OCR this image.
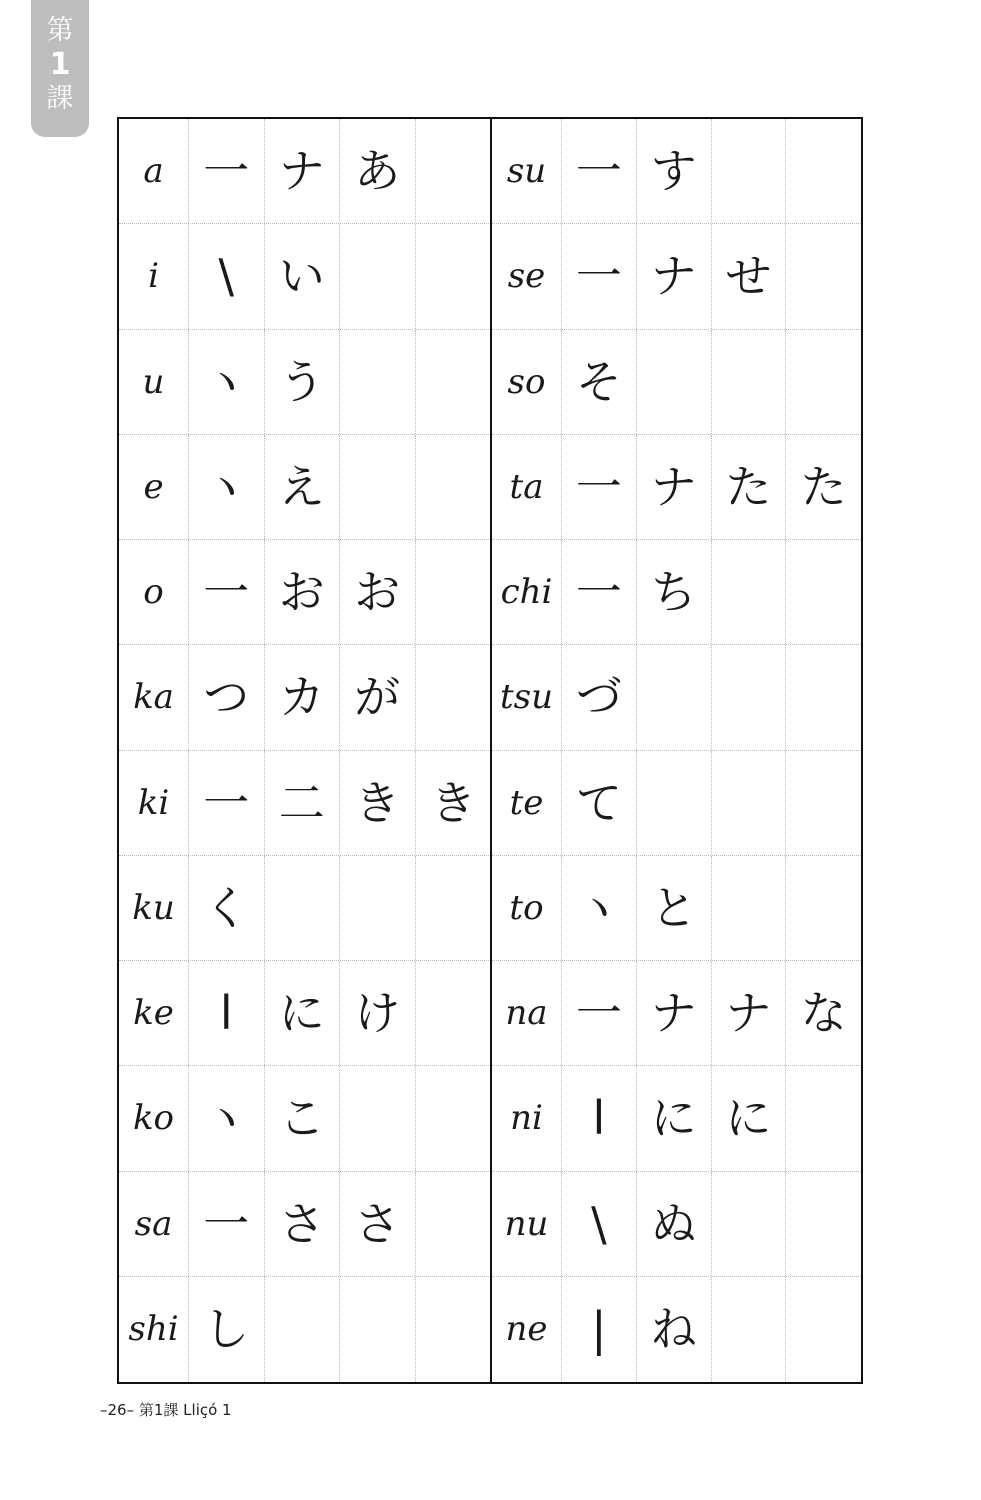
第
1
課
a 一 ナ あ
i \ い
u ヽ う
e ヽ え
o 一 お お
ka つ カ が
ki 一 二 き き
ku く
ke l に け
ko ヽ こ
sa 一 さ さ
shi し
su 一 す
se 一 ナ せ
so そ
ta 一 ナ た た
chi 一 ち
tsu づ
te て
to ヽ と
na 一 ナ ナ な
ni l に に
nu \ ぬ
ne | ね
–26– 第1課 Lliçó 1
